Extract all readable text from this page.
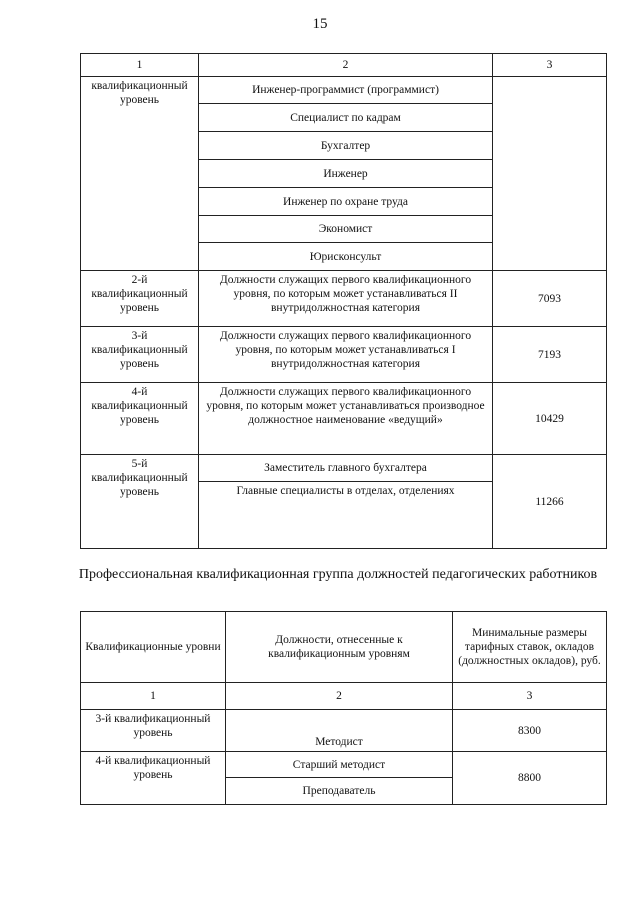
15
1	2	3
квалификационный уровень	Инженер-программист (программист)	
	Специалист по кадрам	
	Бухгалтер	
	Инженер	
	Инженер по охране труда	
	Экономист	
	Юрисконсульт	
2-й квалификационный уровень	Должности служащих первого квалификационного уровня, по которым может устанавливаться II внутридолжностная категория	7093
3-й квалификационный уровень	Должности служащих первого квалификационного уровня, по которым может устанавливаться I внутридолжностная категория	7193
4-й квалификационный уровень	Должности служащих первого квалификационного уровня, по которым может устанавливаться производное должностное наименование «ведущий»	10429
5-й квалификационный уровень	Заместитель главного бухгалтера	11266
	Главные специалисты в отделах, отделениях	
Профессиональная квалификационная группа должностей педагогических работников
Квалификационные уровни	Должности, отнесенные к квалификационным уровням	Минимальные размеры тарифных ставок, окладов (должностных окладов), руб.
1	2	3
3-й квалификационный уровень	Методист	8300
4-й квалификационный уровень	Старший методист	8800
	Преподаватель	
